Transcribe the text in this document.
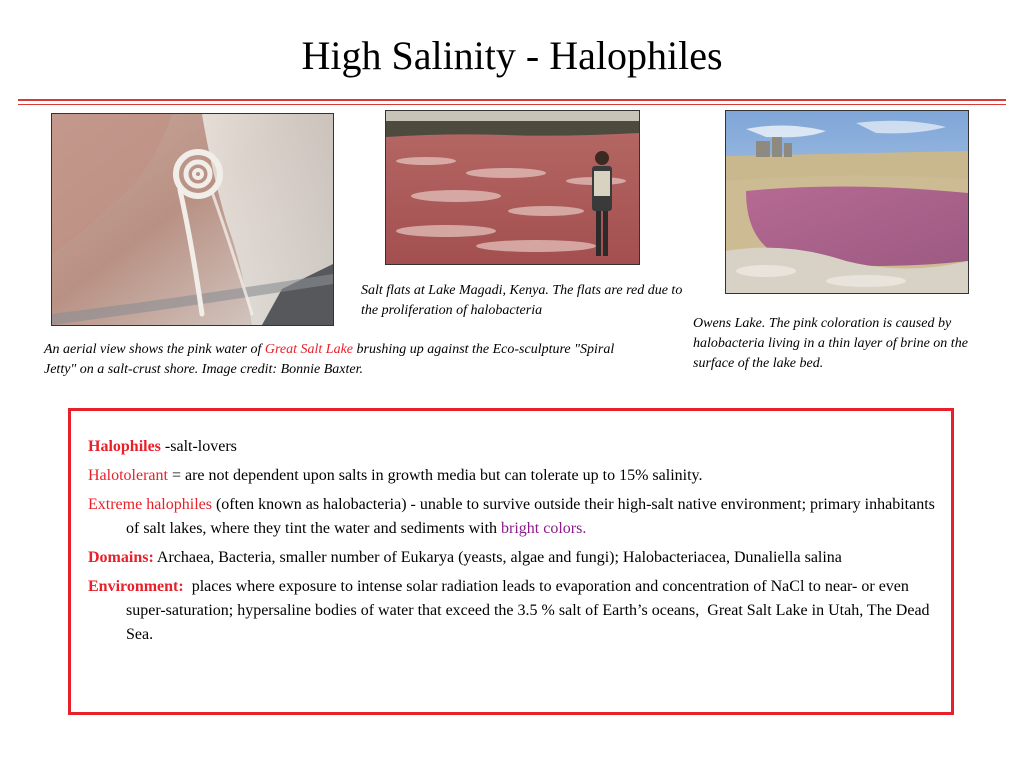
High Salinity - Halophiles
Salt flats at Lake Magadi, Kenya. The flats are red due to the proliferation of halobacteria
Owens Lake. The pink coloration is caused by halobacteria living in a thin layer of brine on the surface of the lake bed.
An aerial view shows the pink water of Great Salt Lake brushing up against the Eco-sculpture "Spiral Jetty" on a salt-crust shore. Image credit: Bonnie Baxter.

Halophiles -salt-lovers

Halotolerant = are not dependent upon salts in growth media but can tolerate up to 15% salinity.

Extreme halophiles (often known as halobacteria) - unable to survive outside their high-salt native environment; primary inhabitants of salt lakes, where they tint the water and sediments with bright colors.

Domains: Archaea, Bacteria, smaller number of Eukarya (yeasts, algae and fungi); Halobacteriacea, Dunaliella salina

Environment:  places where exposure to intense solar radiation leads to evaporation and concentration of NaCl to near- or even super-saturation; hypersaline bodies of water that exceed the 3.5 % salt of Earth’s oceans,  Great Salt Lake in Utah, The Dead Sea.
